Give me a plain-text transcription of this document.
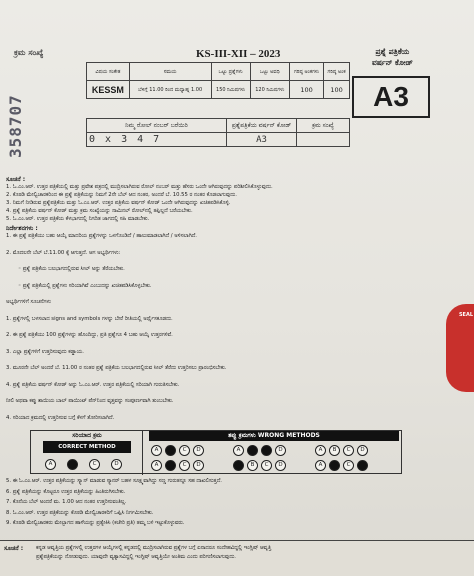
ಕ್ರಮ ಸಂಖ್ಯೆ
358707
KS-III-XII – 2023	ಪ್ರಶ್ನೆ ಪತ್ರಿಕೆಯ
ವರ್ಷನ್ ಕೋಡ್
ವಿಷಯ ಸಂಕೇತ	ಸಮಯ	ಒಟ್ಟು ಪ್ರಶ್ನೆಗಳು	ಒಟ್ಟು ಅವಧಿ	ಗರಿಷ್ಠ ಅಂಕಗಳು	ಗರಿಷ್ಠ ಅಂಕ
KESSM	ಬೆಳಿಗ್ಗೆ 11.00 ರಿಂದ ಮಧ್ಯಾಹ್ನ 1.00	150 ನಿಮಿಷಗಳು	120 ನಿಮಿಷಗಳು	100	100	A3
ನಿಮ್ಮ ರೋಲ್ ನಂಬರ್ ಬರೆಯಿರಿ	ಪ್ರಶ್ನೆಪತ್ರಿಕೆಯ ವರ್ಷನ್ ಕೋಡ್	ಕ್ರಮ ಸಂಖ್ಯೆ
0 x 3 4 7	A3	
ಸೂಚನೆ :
1. ಓ.ಎಂ.ಆರ್. ಉತ್ತರ ಪತ್ರಿಕೆಯಲ್ಲಿ ಮತ್ತು ಪ್ರವೇಶ ಪತ್ರದಲ್ಲಿ ಮುದ್ರಿಸಲಾಗಿರುವ ರೋಲ್ ನಂಬರ್ ಮತ್ತು ಹೆಸರು ಒಂದೇ ಆಗಿರುವುದನ್ನು ಪರಿಶೀಲಿಸಿಕೊಳ್ಳುವುದು.
2. ಕೊಠಡಿ ಮೇಲ್ವಿಚಾರಕರಿಂದ ಈ ಪ್ರಶ್ನೆ ಪತ್ರಿಕೆಯನ್ನು ನಿಮಗೆ 2ನೇ ಬೆಲ್ ಆದ ನಂತರ, ಅಂದರೆ ಬೆ. 10.55 ರ ನಂತರ ಕೊಡಲಾಗುವುದು.
3. ನಿಮಗೆ ನೀಡಿರುವ ಪ್ರಶ್ನೆಪತ್ರಿಕೆಯ ಮತ್ತು ಓ.ಎಂ.ಆರ್. ಉತ್ತರ ಪತ್ರಿಕೆಯ ವರ್ಷನ್ ಕೋಡ್ ಒಂದೇ ಆಗಿರುವುದನ್ನು ಖಚಿತಪಡಿಸಿಕೊಳ್ಳಿ.
4. ಪ್ರಶ್ನೆ ಪತ್ರಿಕೆಯ ವರ್ಷನ್ ಕೋಡ್ ಮತ್ತು ಕ್ರಮ ಸಂಖ್ಯೆಯನ್ನು ನಾಮಿನಲ್ ರೋಲ್‌ನಲ್ಲಿ ತಪ್ಪಿಲ್ಲದೆ ಬರೆಯಬೇಕು.
5. ಓ.ಎಂ.ಆರ್. ಉತ್ತರ ಪತ್ರಿಕೆಯ ಕೆಳಭಾಗದಲ್ಲಿ ನಿಗದಿತ ಜಾಗದಲ್ಲಿ ಸಹಿ ಮಾಡಬೇಕು.
ನಿರ್ದೇಶನಗಳು :
1. ಈ ಪ್ರಶ್ನೆ ಪತ್ರಿಕೆಯು ಬಹು ಆಯ್ಕೆ ಮಾದರಿಯ ಪ್ರಶ್ನೆಗಳನ್ನು ಒಳಗೊಂಡಿದೆ / ಹಾಲುಮಾಡಲಾಗಿದೆ / ಅಳಿಸಲಾಗಿದೆ.
2. ಮೊದಲನೇ ಬೆಲ್ ಬೆ.11.00 ಕ್ಕೆ ಆಗುತ್ತದೆ. ಆಗ ಅಭ್ಯರ್ಥಿಗಳು:
◦ ಪ್ರಶ್ನೆ ಪತ್ರಿಕೆಯ ಬಲಭಾಗದಲ್ಲಿರುವ ಸೀಲ್ ಅನ್ನು ತೆರೆಯಬೇಕು.
◦ ಪ್ರಶ್ನೆ ಪತ್ರಿಕೆಯಲ್ಲಿ ಪ್ರಶ್ನೆಗಳು ಸರಿಯಾಗಿವೆ ಎಂಬುದನ್ನು ಖಚಿತಪಡಿಸಿಕೊಳ್ಳಬೇಕು.
ಅಭ್ಯರ್ಥಿಗಳಿಗೆ ಸೂಚನೆಗಳು
1. ಪ್ರಶ್ನೆಗಳಲ್ಲಿ ಬಳಸಲಾದ signs and symbols ಗಳನ್ನು ಬೇರೆ ರೀತಿಯಲ್ಲಿ ಅರ್ಥೈಸಕೂಡದು.
2. ಈ ಪ್ರಶ್ನೆ ಪತ್ರಿಕೆಯು 100 ಪ್ರಶ್ನೆಗಳನ್ನು ಹೊಂದಿದ್ದು, ಪ್ರತಿ ಪ್ರಶ್ನೆಗೂ 4 ಬಹು ಆಯ್ಕೆ ಉತ್ತರಗಳಿವೆ.
3. ಎಲ್ಲಾ ಪ್ರಶ್ನೆಗಳಿಗೆ ಉತ್ತರಿಸುವುದು ಕಡ್ಡಾಯ.
3. ಮೂರನೇ ಬೆಲ್ ಅಂದರೆ ಬೆ. 11.00 ರ ನಂತರ ಪ್ರಶ್ನೆ ಪತ್ರಿಕೆಯ ಬಲಭಾಗದಲ್ಲಿರುವ ಸೀಲ್ ತೆರೆದು ಉತ್ತರಿಸಲು ಪ್ರಾರಂಭಿಸಬೇಕು.
4. ಪ್ರಶ್ನೆ ಪತ್ರಿಕೆಯ ವರ್ಷನ್ ಕೋಡ್ ಅನ್ನು ಓ.ಎಂ.ಆರ್. ಉತ್ತರ ಪತ್ರಿಕೆಯಲ್ಲಿ ಸರಿಯಾಗಿ ಗುರುತಿಸಬೇಕು.
ನೀಲಿ ಅಥವಾ ಕಪ್ಪು ಶಾಯಿಯ ಬಾಲ್ ಪಾಯಿಂಟ್ ಪೆನ್‌ನಿಂದ ವೃತ್ತವನ್ನು ಸಂಪೂರ್ಣವಾಗಿ ತುಂಬಬೇಕು.
4. ಸರಿಯಾದ ಕ್ರಮದಲ್ಲಿ ಉತ್ತರಿಸುವ ಬಗ್ಗೆ ಕೆಳಗೆ ತೋರಿಸಲಾಗಿದೆ.
ಸರಿಯಾದ ಕ್ರಮ
CORRECT METHOD
A	C	D
ತಪ್ಪು ಕ್ರಮಗಳು WRONG METHODS
A	C	D
A	C	D
A	D
B	C	D
A	B	C	D
A	C
5. ಈ ಓ.ಎಂ.ಆರ್. ಉತ್ತರ ಪತ್ರಿಕೆಯನ್ನು ಸ್ಕ್ಯಾನ್ ಮಾಡುವ ಸ್ಕ್ಯಾನರ್ ಬಹಳ ಸೂಕ್ಷ್ಮವಾಗಿದ್ದು ಸಣ್ಣ ಗುರುತನ್ನೂ ಸಹ ದಾಖಲಿಸುತ್ತದೆ.
6. ಪ್ರಶ್ನೆ ಪತ್ರಿಕೆಯನ್ನು ಕೊಟ್ಟರೂ ಉತ್ತರ ಪತ್ರಿಕೆಯನ್ನು ಹಿಂತಿರುಗಿಸಬೇಕು.
7. ಕೊನೆಯ ಬೆಲ್ ಅಂದರೆ ಮ. 1.00 ಆದ ನಂತರ ಉತ್ತರಿಸುವಂತಿಲ್ಲ.
8. ಓ.ಎಂ.ಆರ್. ಉತ್ತರ ಪತ್ರಿಕೆಯನ್ನು ಕೊಠಡಿ ಮೇಲ್ವಿಚಾರಕರಿಗೆ ಒಪ್ಪಿಸಿ ನಿರ್ಗಮಿಸಬೇಕು.
9. ಕೊಠಡಿ ಮೇಲ್ವಿಚಾರಕರು ಮೇಲ್ಭಾಗದ ಹಾಳೆಯನ್ನು ಪ್ರತ್ಯೇಕಿಸಿ (ಕಚೇರಿ ಪ್ರತಿ) ತಮ್ಮ ಬಳಿ ಇಟ್ಟುಕೊಳ್ಳುವರು.
SEAL
ಸೂಚನೆ : ಕನ್ನಡ ಆವೃತ್ತಿಯ ಪ್ರಶ್ನೆಗಳಲ್ಲಿ ಉತ್ತರಗಳ ಆಯ್ಕೆಗಳಲ್ಲಿ ಕನ್ನಡದಲ್ಲಿ ಮುದ್ರಿಸಲಾಗಿರುವ ಪ್ರಶ್ನೆಗಳ ಬಗ್ಗೆ ಏನಾದರೂ ಸಂದೇಹವಿದ್ದಲ್ಲಿ ಇಂಗ್ಲಿಷ್ ಆವೃತ್ತಿ
ಪ್ರಶ್ನೆಪತ್ರಿಕೆಯನ್ನು ನೋಡುವುದು. ಯಾವುದೇ ವ್ಯತ್ಯಾಸವಿದ್ದಲ್ಲಿ ಇಂಗ್ಲಿಷ್ ಆವೃತ್ತಿಯೇ ಅಂತಿಮ ಎಂದು ಪರಿಗಣಿಸಲಾಗುವುದು.
